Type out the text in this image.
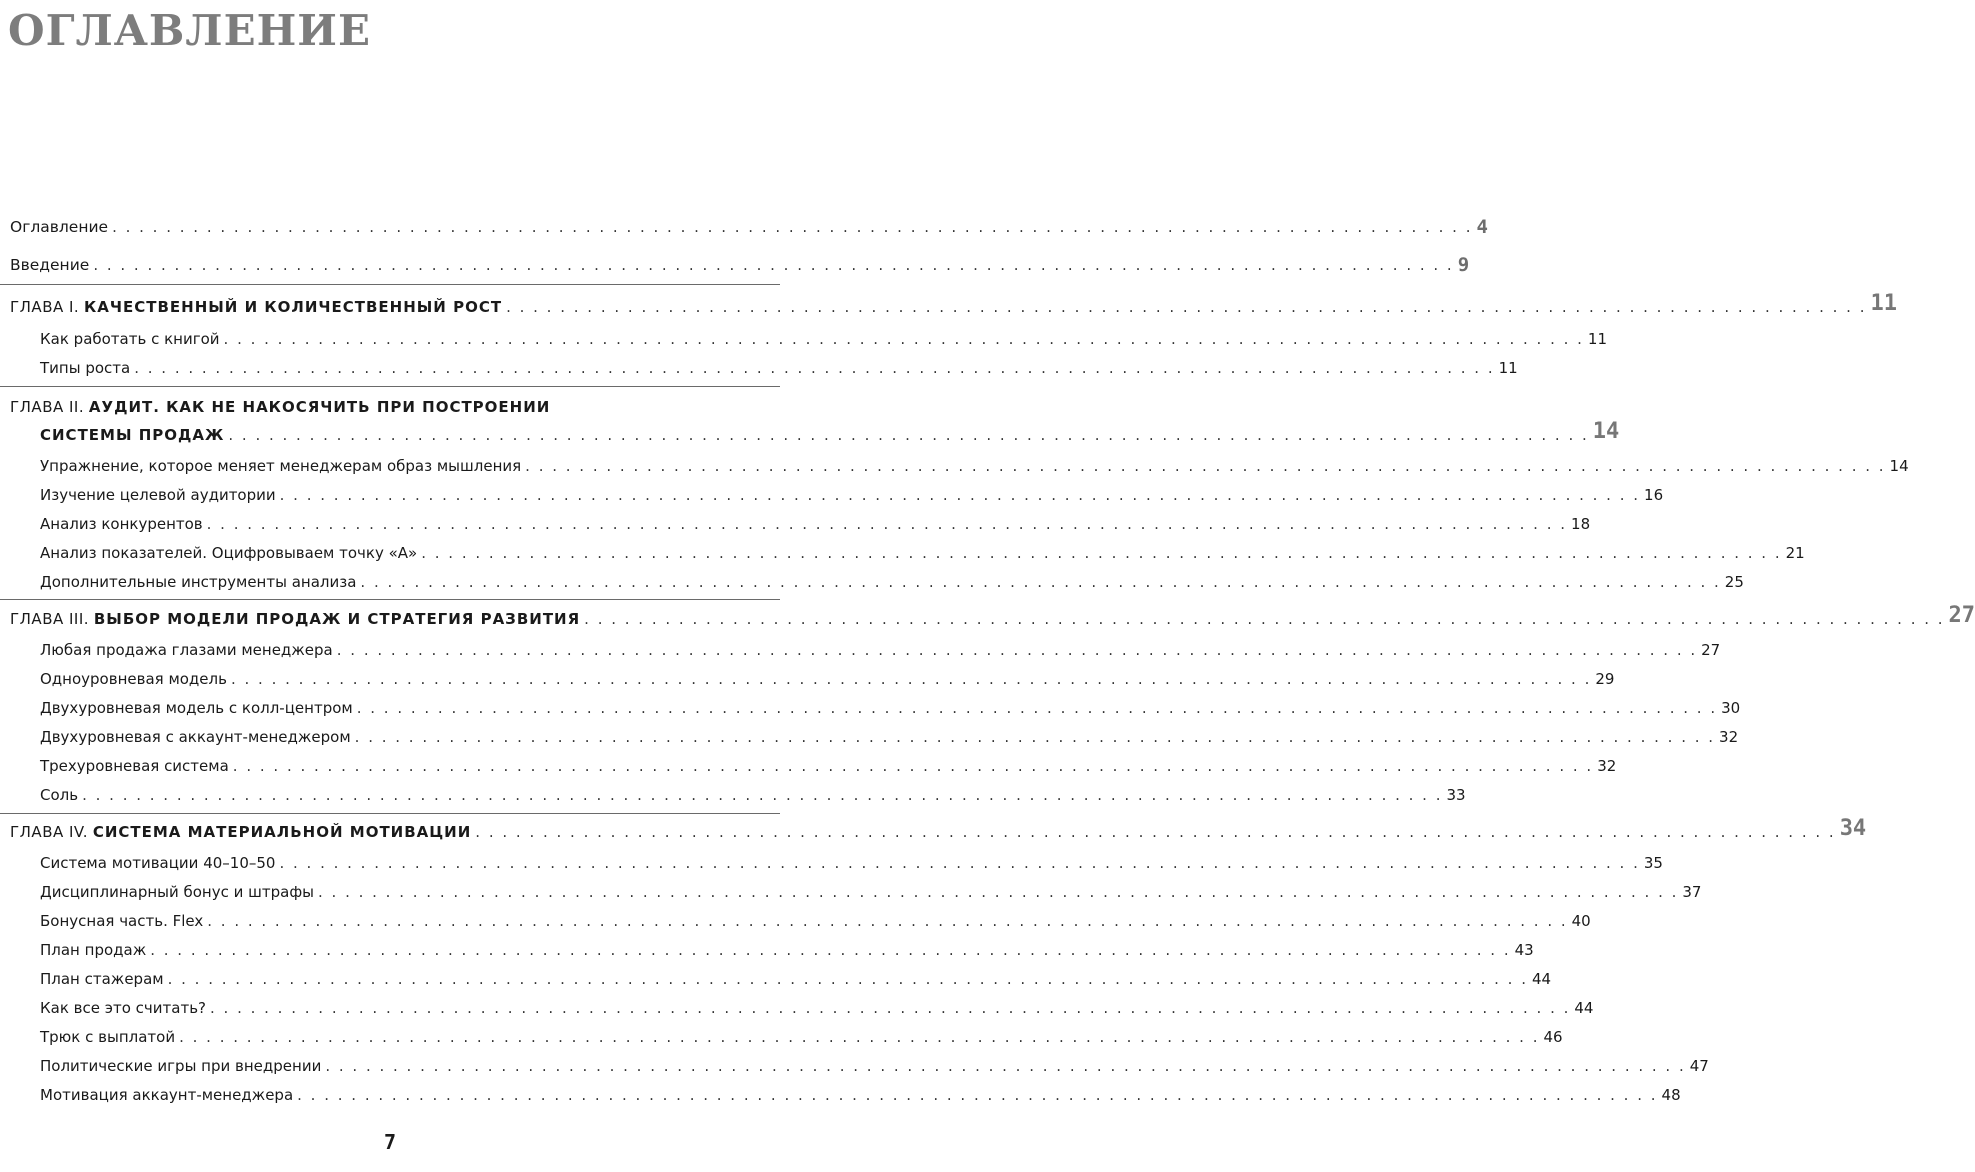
ОГЛАВЛЕНИЕ
Оглавление . . . . . . . . . . . . . . . . . . . . . . . . . . . . . . . . . . . . . . . . . . . . . . . . . . . . . . . . . . . . . . . . . . . . . . . . . . . . . . . . . . . . . . . . . . . . . . . . . . . . . 4
Введение . . . . . . . . . . . . . . . . . . . . . . . . . . . . . . . . . . . . . . . . . . . . . . . . . . . . . . . . . . . . . . . . . . . . . . . . . . . . . . . . . . . . . . . . . . . . . . . . . . . . . 9
ГЛАВА I. КАЧЕСТВЕННЫЙ И КОЛИЧЕСТВЕННЫЙ РОСТ . . . . . . . . . . . . . . . . . . . . . . . . . . . . . . . . . . . . . . . . . . . . . . . . . . . . . . . . . . . . . . . . . . . . . . . . . . . . . . . . . . . . . . . . . . . . . . . . . . . . . 11
Как работать с книгой . . . . . . . . . . . . . . . . . . . . . . . . . . . . . . . . . . . . . . . . . . . . . . . . . . . . . . . . . . . . . . . . . . . . . . . . . . . . . . . . . . . . . . . . . . . . . . . . . . . . . 11
Типы роста . . . . . . . . . . . . . . . . . . . . . . . . . . . . . . . . . . . . . . . . . . . . . . . . . . . . . . . . . . . . . . . . . . . . . . . . . . . . . . . . . . . . . . . . . . . . . . . . . . . . . 11
ГЛАВА II. АУДИТ. КАК НЕ НАКОСЯЧИТЬ ПРИ ПОСТРОЕНИИ
СИСТЕМЫ ПРОДАЖ . . . . . . . . . . . . . . . . . . . . . . . . . . . . . . . . . . . . . . . . . . . . . . . . . . . . . . . . . . . . . . . . . . . . . . . . . . . . . . . . . . . . . . . . . . . . . . . . . . . . . 14
Упражнение, которое меняет менеджерам образ мышления . . . . . . . . . . . . . . . . . . . . . . . . . . . . . . . . . . . . . . . . . . . . . . . . . . . . . . . . . . . . . . . . . . . . . . . . . . . . . . . . . . . . . . . . . . . . . . . . . . . . . 14
Изучение целевой аудитории . . . . . . . . . . . . . . . . . . . . . . . . . . . . . . . . . . . . . . . . . . . . . . . . . . . . . . . . . . . . . . . . . . . . . . . . . . . . . . . . . . . . . . . . . . . . . . . . . . . . . 16
Анализ конкурентов . . . . . . . . . . . . . . . . . . . . . . . . . . . . . . . . . . . . . . . . . . . . . . . . . . . . . . . . . . . . . . . . . . . . . . . . . . . . . . . . . . . . . . . . . . . . . . . . . . . . . 18
Анализ показателей. Оцифровываем точку «А» . . . . . . . . . . . . . . . . . . . . . . . . . . . . . . . . . . . . . . . . . . . . . . . . . . . . . . . . . . . . . . . . . . . . . . . . . . . . . . . . . . . . . . . . . . . . . . . . . . . . . 21
Дополнительные инструменты анализа . . . . . . . . . . . . . . . . . . . . . . . . . . . . . . . . . . . . . . . . . . . . . . . . . . . . . . . . . . . . . . . . . . . . . . . . . . . . . . . . . . . . . . . . . . . . . . . . . . . . . 25
ГЛАВА III. ВЫБОР МОДЕЛИ ПРОДАЖ И СТРАТЕГИЯ РАЗВИТИЯ . . . . . . . . . . . . . . . . . . . . . . . . . . . . . . . . . . . . . . . . . . . . . . . . . . . . . . . . . . . . . . . . . . . . . . . . . . . . . . . . . . . . . . . . . . . . . . . . . . . . . 27
Любая продажа глазами менеджера . . . . . . . . . . . . . . . . . . . . . . . . . . . . . . . . . . . . . . . . . . . . . . . . . . . . . . . . . . . . . . . . . . . . . . . . . . . . . . . . . . . . . . . . . . . . . . . . . . . . . 27
Одноуровневая модель . . . . . . . . . . . . . . . . . . . . . . . . . . . . . . . . . . . . . . . . . . . . . . . . . . . . . . . . . . . . . . . . . . . . . . . . . . . . . . . . . . . . . . . . . . . . . . . . . . . . . 29
Двухуровневая модель с колл-центром . . . . . . . . . . . . . . . . . . . . . . . . . . . . . . . . . . . . . . . . . . . . . . . . . . . . . . . . . . . . . . . . . . . . . . . . . . . . . . . . . . . . . . . . . . . . . . . . . . . . . 30
Двухуровневая с аккаунт-менеджером . . . . . . . . . . . . . . . . . . . . . . . . . . . . . . . . . . . . . . . . . . . . . . . . . . . . . . . . . . . . . . . . . . . . . . . . . . . . . . . . . . . . . . . . . . . . . . . . . . . . . 32
Трехуровневая система . . . . . . . . . . . . . . . . . . . . . . . . . . . . . . . . . . . . . . . . . . . . . . . . . . . . . . . . . . . . . . . . . . . . . . . . . . . . . . . . . . . . . . . . . . . . . . . . . . . . . 32
Соль . . . . . . . . . . . . . . . . . . . . . . . . . . . . . . . . . . . . . . . . . . . . . . . . . . . . . . . . . . . . . . . . . . . . . . . . . . . . . . . . . . . . . . . . . . . . . . . . . . . . . 33
ГЛАВА IV. СИСТЕМА МАТЕРИАЛЬНОЙ МОТИВАЦИИ . . . . . . . . . . . . . . . . . . . . . . . . . . . . . . . . . . . . . . . . . . . . . . . . . . . . . . . . . . . . . . . . . . . . . . . . . . . . . . . . . . . . . . . . . . . . . . . . . . . . . 34
Система мотивации 40–10–50 . . . . . . . . . . . . . . . . . . . . . . . . . . . . . . . . . . . . . . . . . . . . . . . . . . . . . . . . . . . . . . . . . . . . . . . . . . . . . . . . . . . . . . . . . . . . . . . . . . . . . 35
Дисциплинарный бонус и штрафы . . . . . . . . . . . . . . . . . . . . . . . . . . . . . . . . . . . . . . . . . . . . . . . . . . . . . . . . . . . . . . . . . . . . . . . . . . . . . . . . . . . . . . . . . . . . . . . . . . . . . 37
Бонусная часть. Flex . . . . . . . . . . . . . . . . . . . . . . . . . . . . . . . . . . . . . . . . . . . . . . . . . . . . . . . . . . . . . . . . . . . . . . . . . . . . . . . . . . . . . . . . . . . . . . . . . . . . . 40
План продаж . . . . . . . . . . . . . . . . . . . . . . . . . . . . . . . . . . . . . . . . . . . . . . . . . . . . . . . . . . . . . . . . . . . . . . . . . . . . . . . . . . . . . . . . . . . . . . . . . . . . . 43
План стажерам . . . . . . . . . . . . . . . . . . . . . . . . . . . . . . . . . . . . . . . . . . . . . . . . . . . . . . . . . . . . . . . . . . . . . . . . . . . . . . . . . . . . . . . . . . . . . . . . . . . . . 44
Как все это считать? . . . . . . . . . . . . . . . . . . . . . . . . . . . . . . . . . . . . . . . . . . . . . . . . . . . . . . . . . . . . . . . . . . . . . . . . . . . . . . . . . . . . . . . . . . . . . . . . . . . . . 44
Трюк с выплатой . . . . . . . . . . . . . . . . . . . . . . . . . . . . . . . . . . . . . . . . . . . . . . . . . . . . . . . . . . . . . . . . . . . . . . . . . . . . . . . . . . . . . . . . . . . . . . . . . . . . . 46
Политические игры при внедрении . . . . . . . . . . . . . . . . . . . . . . . . . . . . . . . . . . . . . . . . . . . . . . . . . . . . . . . . . . . . . . . . . . . . . . . . . . . . . . . . . . . . . . . . . . . . . . . . . . . . . 47
Мотивация аккаунт-менеджера . . . . . . . . . . . . . . . . . . . . . . . . . . . . . . . . . . . . . . . . . . . . . . . . . . . . . . . . . . . . . . . . . . . . . . . . . . . . . . . . . . . . . . . . . . . . . . . . . . . . . 48
7
